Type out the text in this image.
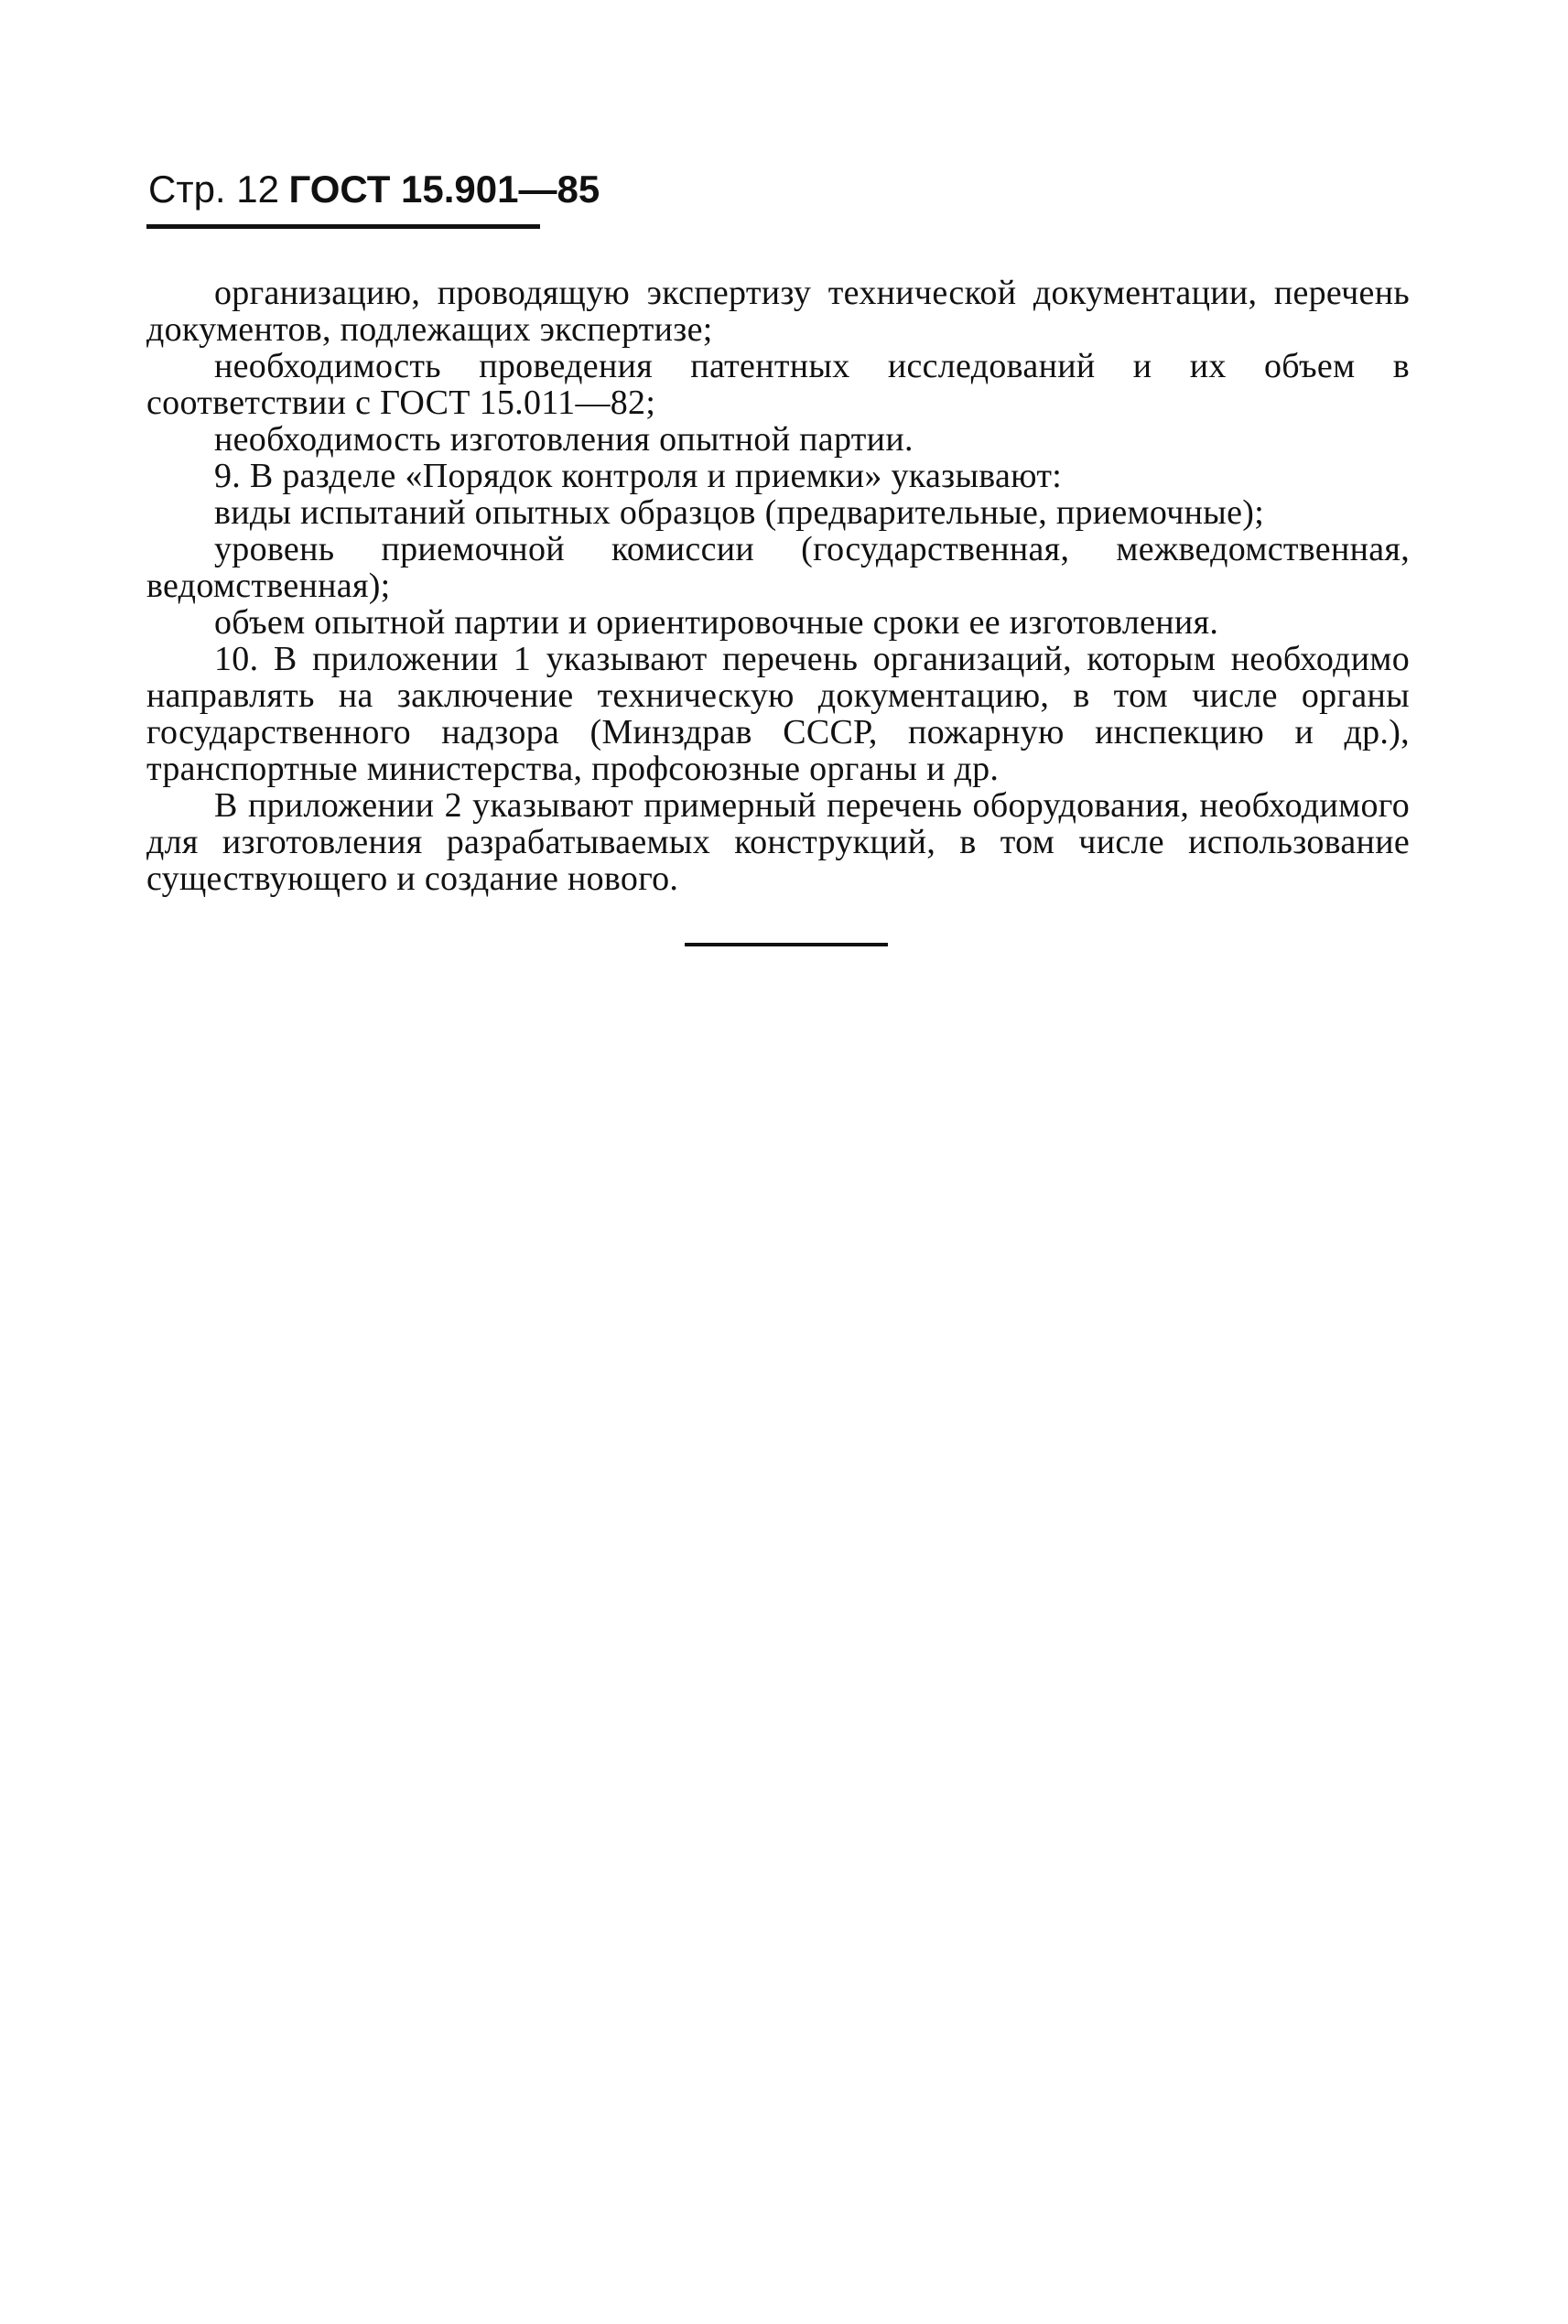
Стр. 12 ГОСТ 15.901—85

организацию, проводящую экспертизу технической документации, перечень документов, подлежащих экспертизе;

необходимость проведения патентных исследований и их объем в соответствии с ГОСТ 15.011—82;

необходимость изготовления опытной партии.

9. В разделе «Порядок контроля и приемки» указывают:

виды испытаний опытных образцов (предварительные, приемочные);

уровень приемочной комиссии (государственная, межведомственная, ведомственная);

объем опытной партии и ориентировочные сроки ее изготовления.

10. В приложении 1 указывают перечень организаций, которым необходимо направлять на заключение техническую документацию, в том числе органы государственного надзора (Минздрав СССР, пожарную инспекцию и др.), транспортные министерства, профсоюзные органы и др.

В приложении 2 указывают примерный перечень оборудования, необходимого для изготовления разрабатываемых конструкций, в том числе использование существующего и создание нового.
